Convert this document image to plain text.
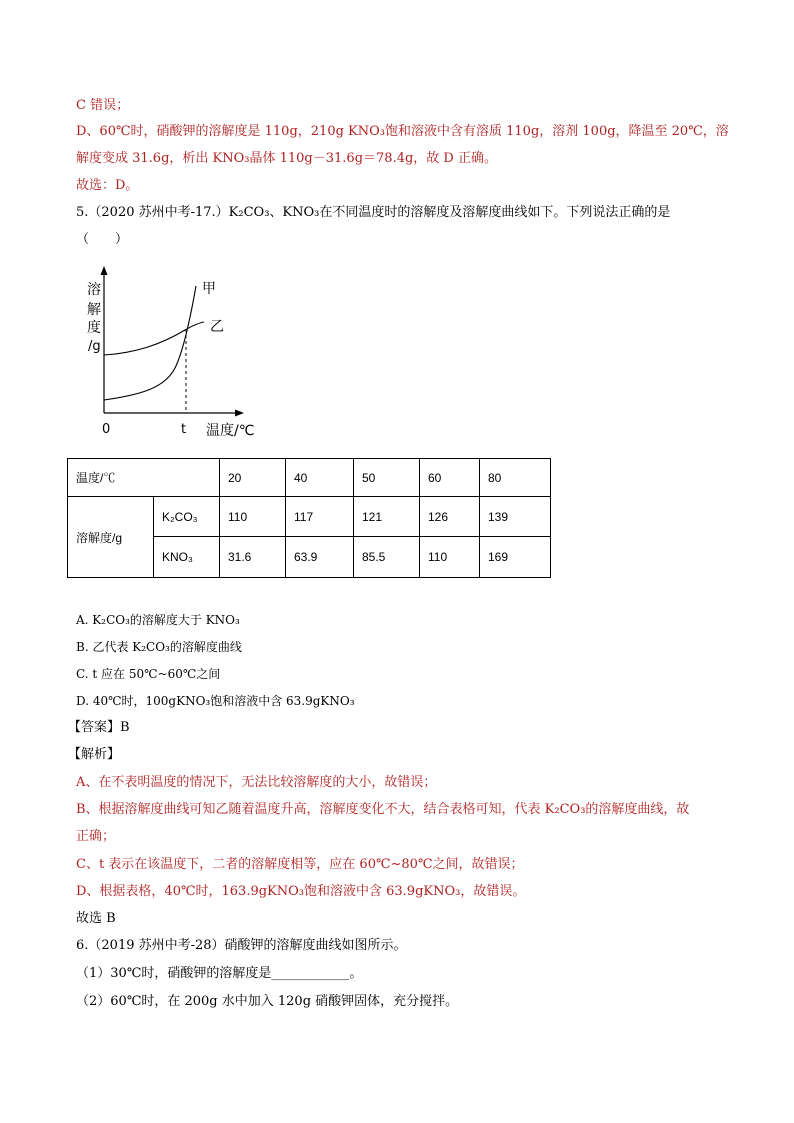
C 错误；
D、60℃时，硝酸钾的溶解度是 110g，210g KNO₃饱和溶液中含有溶质 110g，溶剂 100g，降温至 20℃，溶
解度变成 31.6g，析出 KNO₃晶体 110g－31.6g＝78.4g，故 D 正确。
故选：D。
5.（2020 苏州中考-17.）K₂CO₃、KNO₃在不同温度时的溶解度及溶解度曲线如下。下列说法正确的是
（　　）
溶
解
度
/g
0	t 温度/℃
甲
乙
温度/℃		20	40	50	60	80
溶解度/g	K₂CO₃	110	117	121	126	139
	KNO₃	31.6	63.9	85.5	110	169
A. K₂CO₃的溶解度大于 KNO₃
B. 乙代表 K₂CO₃的溶解度曲线
C. t 应在 50℃~60℃之间
D. 40℃时，100gKNO₃饱和溶液中含 63.9gKNO₃
【答案】B
【解析】
A、在不表明温度的情况下，无法比较溶解度的大小，故错误；
B、根据溶解度曲线可知乙随着温度升高，溶解度变化不大，结合表格可知，代表 K₂CO₃的溶解度曲线，故
正确；
C、t 表示在该温度下，二者的溶解度相等，应在 60℃~80℃之间，故错误；
D、根据表格，40℃时，163.9gKNO₃饱和溶液中含 63.9gKNO₃，故错误。
故选 B
6.（2019 苏州中考-28）硝酸钾的溶解度曲线如图所示。
（1）30℃时，硝酸钾的溶解度是____________。
（2）60℃时，在 200g 水中加入 120g 硝酸钾固体，充分搅拌。
